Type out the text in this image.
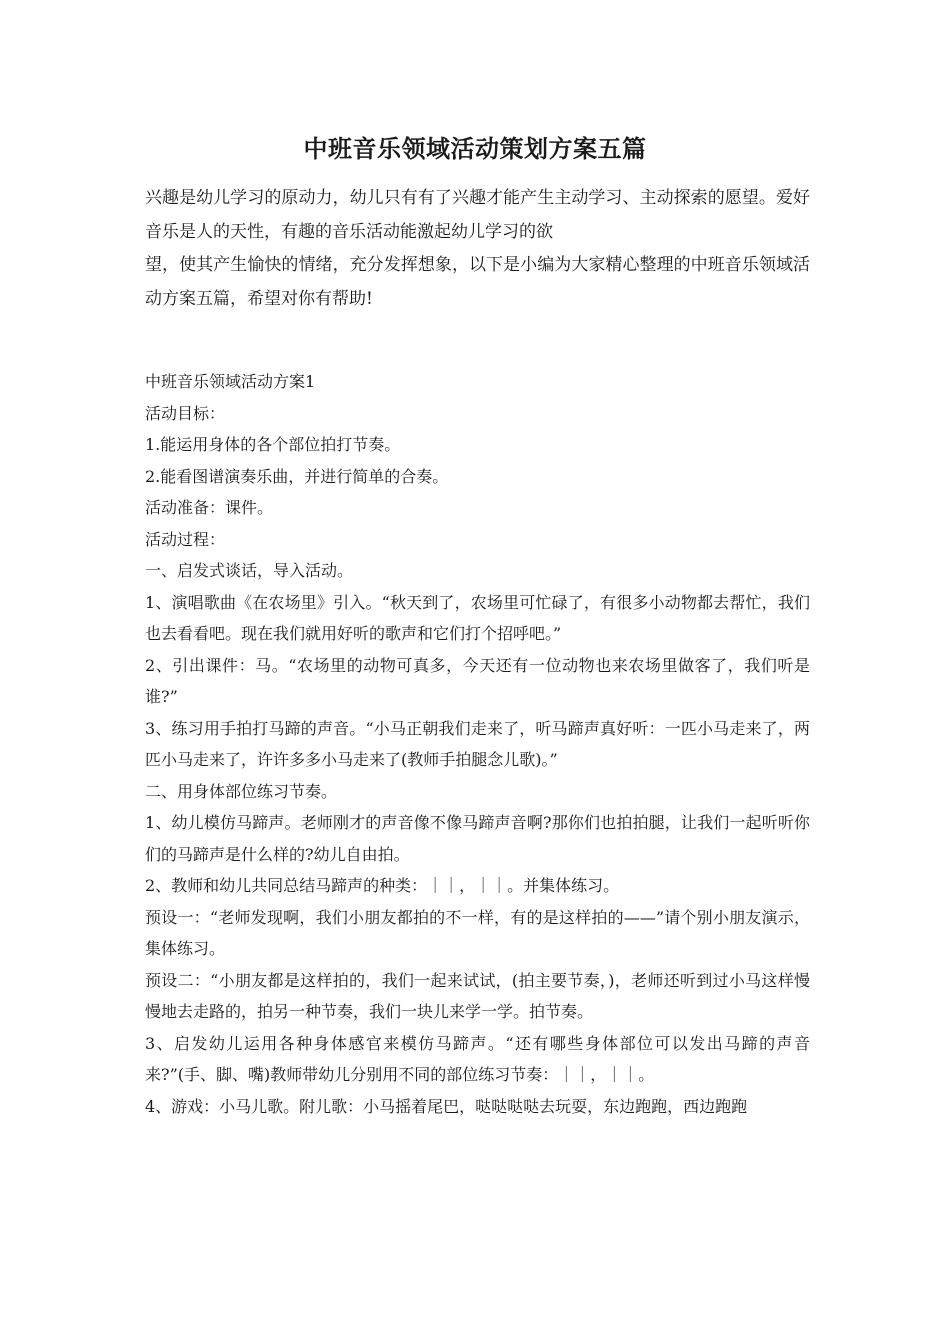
中班音乐领域活动策划方案五篇

兴趣是幼儿学习的原动力，幼儿只有有了兴趣才能产生主动学习、主动探索的愿望。爱好音乐是人的天性，有趣的音乐活动能激起幼儿学习的欲

望，使其产生愉快的情绪，充分发挥想象，以下是小编为大家精心整理的中班音乐领域活动方案五篇，希望对你有帮助!

中班音乐领域活动方案1

活动目标：

1.能运用身体的各个部位拍打节奏。

2.能看图谱演奏乐曲，并进行简单的合奏。

活动准备：课件。

活动过程：

一、启发式谈话，导入活动。

1、演唱歌曲《在农场里》引入。“秋天到了，农场里可忙碌了，有很多小动物都去帮忙，我们也去看看吧。现在我们就用好听的歌声和它们打个招呼吧。”

2、引出课件：马。“农场里的动物可真多，今天还有一位动物也来农场里做客了，我们听是谁?”

3、练习用手拍打马蹄的声音。“小马正朝我们走来了，听马蹄声真好听：一匹小马走来了，两匹小马走来了，许许多多小马走来了(教师手拍腿念儿歌)。”

二、用身体部位练习节奏。

1、幼儿模仿马蹄声。老师刚才的声音像不像马蹄声音啊?那你们也拍拍腿，让我们一起听听你们的马蹄声是什么样的?幼儿自由拍。

2、教师和幼儿共同总结马蹄声的种类：｜｜，｜｜。并集体练习。

预设一：“老师发现啊，我们小朋友都拍的不一样，有的是这样拍的——”请个别小朋友演示，集体练习。

预设二：“小朋友都是这样拍的，我们一起来试试，(拍主要节奏，)，老师还听到过小马这样慢慢地去走路的，拍另一种节奏，我们一块儿来学一学。拍节奏。

3、启发幼儿运用各种身体感官来模仿马蹄声。“还有哪些身体部位可以发出马蹄的声音来?”(手、脚、嘴)教师带幼儿分别用不同的部位练习节奏：｜｜，｜｜。

4、游戏：小马儿歌。附儿歌：小马摇着尾巴，哒哒哒哒去玩耍，东边跑跑，西边跑跑
